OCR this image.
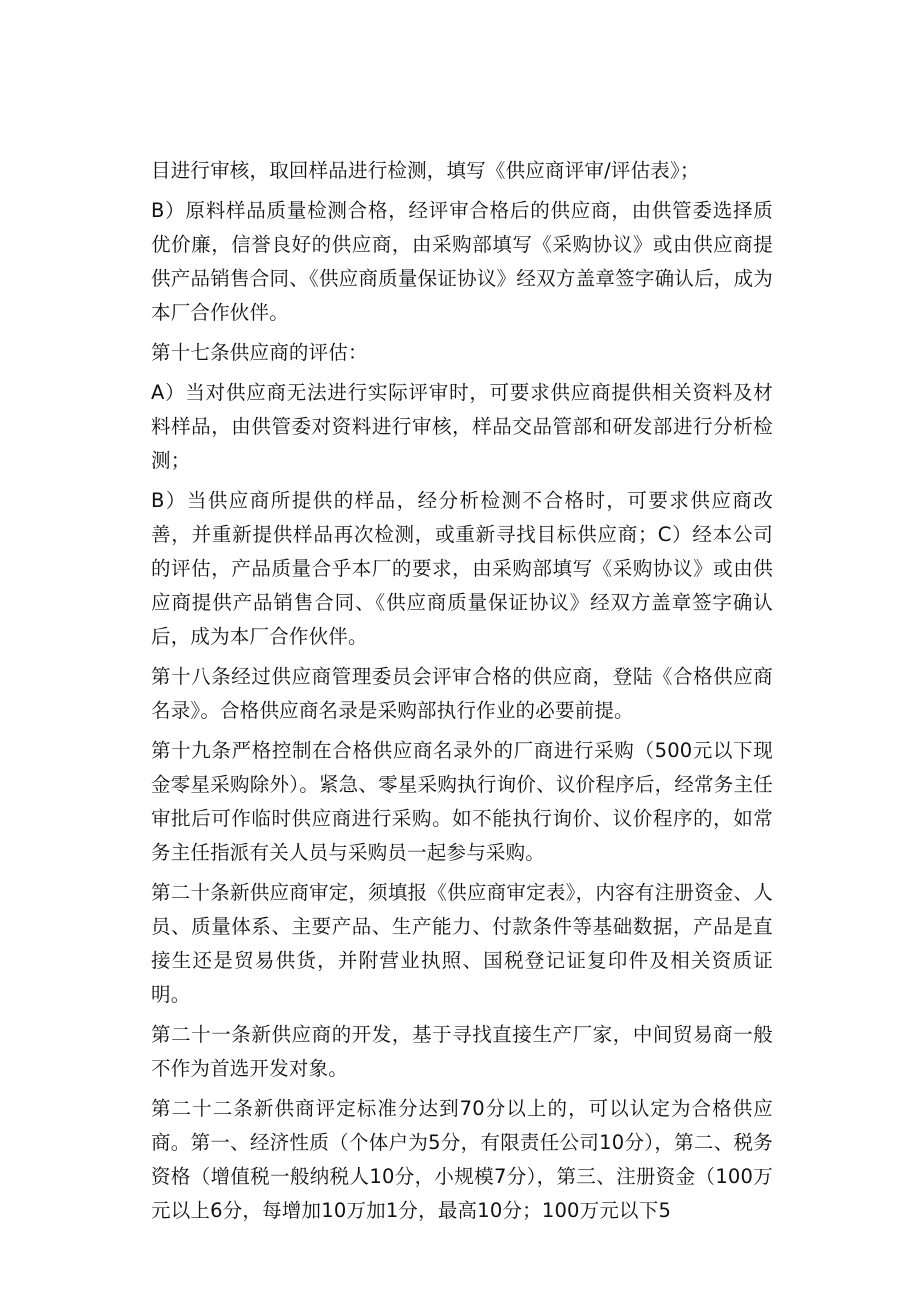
目进行审核，取回样品进行检测，填写《供应商评审/评估表》；

B）原料样品质量检测合格，经评审合格后的供应商，由供管委选择质优价廉，信誉良好的供应商，由采购部填写《采购协议》或由供应商提供产品销售合同、《供应商质量保证协议》经双方盖章签字确认后，成为本厂合作伙伴。

第十七条供应商的评估：

A）当对供应商无法进行实际评审时，可要求供应商提供相关资料及材料样品，由供管委对资料进行审核，样品交品管部和研发部进行分析检测；

B）当供应商所提供的样品，经分析检测不合格时，可要求供应商改善，并重新提供样品再次检测，或重新寻找目标供应商；C）经本公司的评估，产品质量合乎本厂的要求，由采购部填写《采购协议》或由供应商提供产品销售合同、《供应商质量保证协议》经双方盖章签字确认后，成为本厂合作伙伴。

第十八条经过供应商管理委员会评审合格的供应商，登陆《合格供应商名录》。合格供应商名录是采购部执行作业的必要前提。

第十九条严格控制在合格供应商名录外的厂商进行采购（500元以下现金零星采购除外）。紧急、零星采购执行询价、议价程序后，经常务主任审批后可作临时供应商进行采购。如不能执行询价、议价程序的，如常务主任指派有关人员与采购员一起参与采购。

第二十条新供应商审定，须填报《供应商审定表》，内容有注册资金、人员、质量体系、主要产品、生产能力、付款条件等基础数据，产品是直接生还是贸易供货，并附营业执照、国税登记证复印件及相关资质证明。

第二十一条新供应商的开发，基于寻找直接生产厂家，中间贸易商一般不作为首选开发对象。

第二十二条新供商评定标准分达到70分以上的，可以认定为合格供应商。第一、经济性质（个体户为5分，有限责任公司10分），第二、税务资格（增值税一般纳税人10分，小规模7分），第三、注册资金（100万元以上6分，每增加10万加1分，最高10分；100万元以下5
